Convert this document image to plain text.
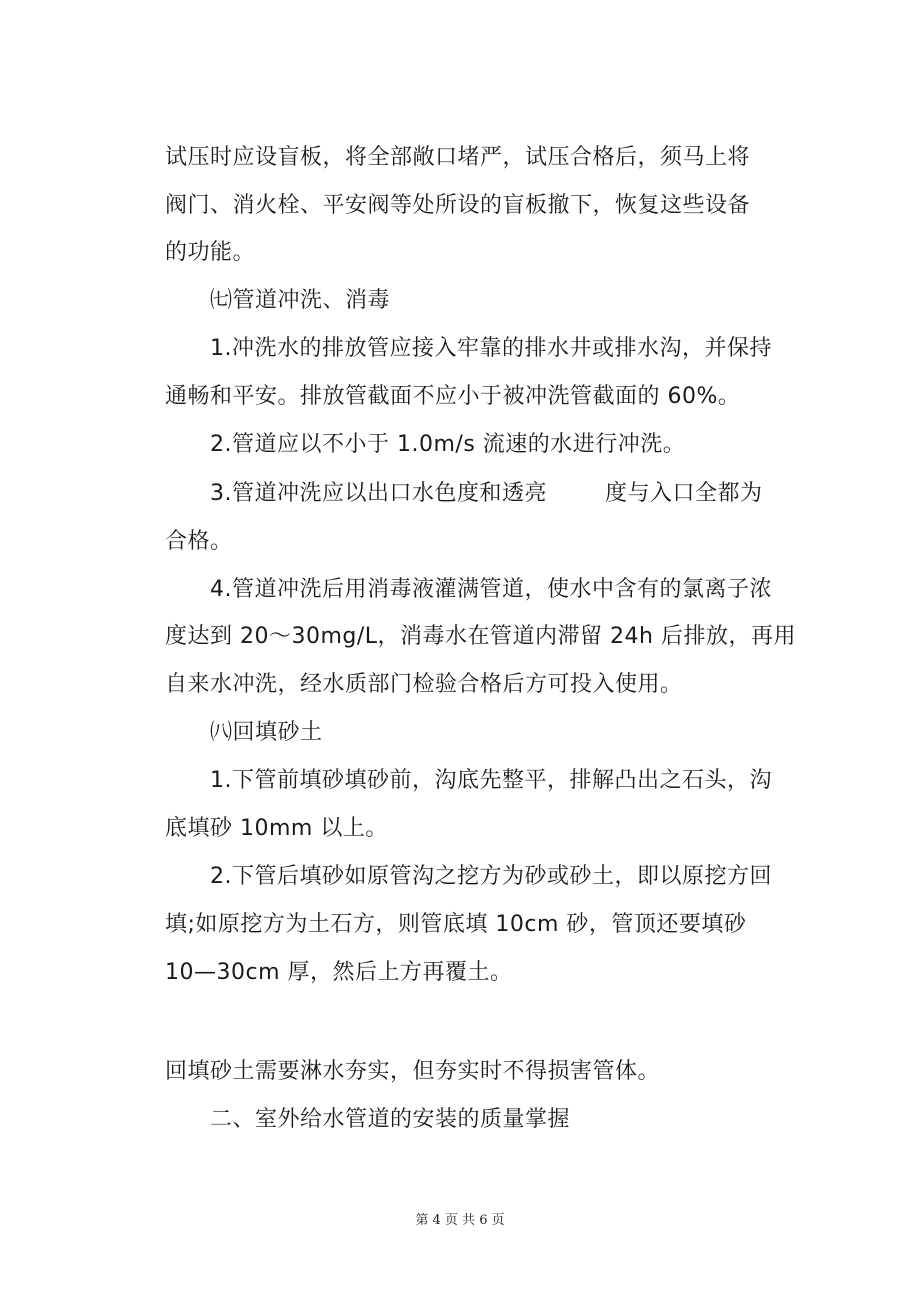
试压时应设盲板，将全部敞口堵严，试压合格后，须马上将
阀门、消火栓、平安阀等处所设的盲板撤下，恢复这些设备
的功能。
㈦管道冲洗、消毒
1.冲洗水的排放管应接入牢靠的排水井或排水沟，并保持
通畅和平安。排放管截面不应小于被冲洗管截面的 60%。
2.管道应以不小于 1.0m/s 流速的水进行冲洗。
3.管道冲洗应以出口水色度和透亮	度与入口全都为
合格。
4.管道冲洗后用消毒液灌满管道，使水中含有的氯离子浓
度达到 20～30mg/L，消毒水在管道内滞留 24h 后排放，再用
自来水冲洗，经水质部门检验合格后方可投入使用。
㈧回填砂土
1.下管前填砂填砂前，沟底先整平，排解凸出之石头，沟
底填砂 10mm 以上。
2.下管后填砂如原管沟之挖方为砂或砂土，即以原挖方回
填;如原挖方为土石方，则管底填 10cm 砂，管顶还要填砂
10—30cm 厚，然后上方再覆土。
回填砂土需要淋水夯实，但夯实时不得损害管体。
二、室外给水管道的安装的质量掌握
第 4 页 共 6 页
